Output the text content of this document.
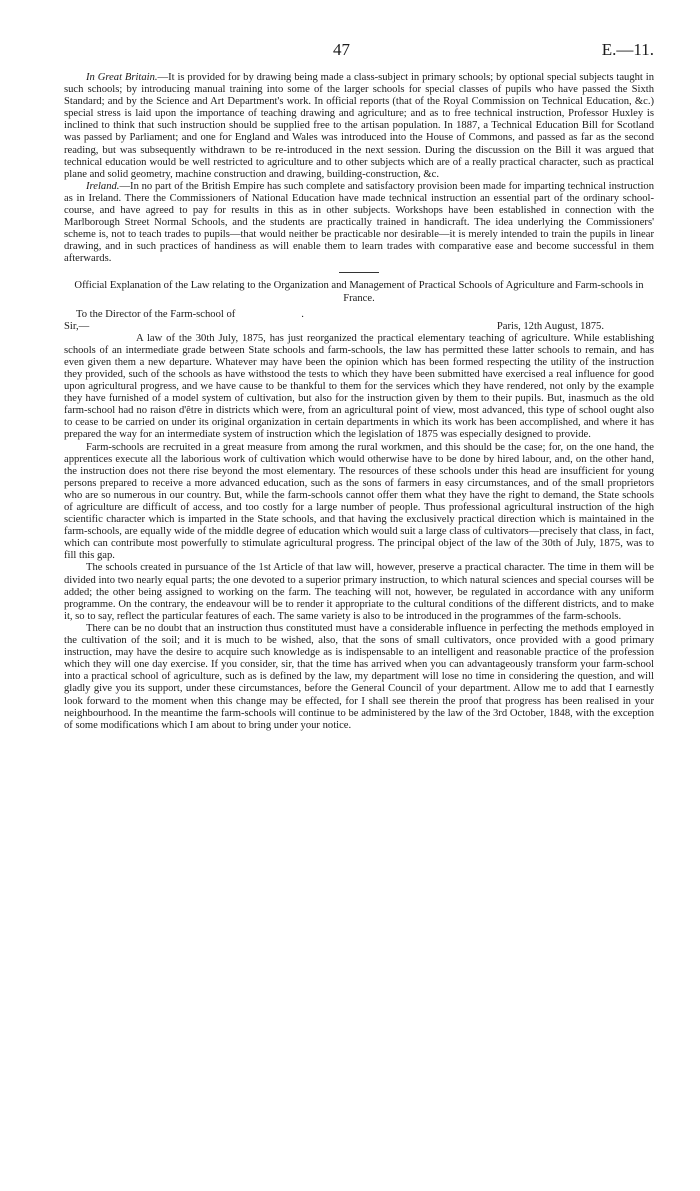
47	E.—11.

In Great Britain.—It is provided for by drawing being made a class-subject in primary schools; by optional special subjects taught in such schools; by introducing manual training into some of the larger schools for special classes of pupils who have passed the Sixth Standard; and by the Science and Art Department's work. In official reports (that of the Royal Commission on Technical Education, &c.) special stress is laid upon the importance of teaching drawing and agriculture; and as to free technical instruction, Professor Huxley is inclined to think that such instruction should be supplied free to the artisan population. In 1887, a Technical Education Bill for Scotland was passed by Parliament; and one for England and Wales was introduced into the House of Commons, and passed as far as the second reading, but was subsequently withdrawn to be re-introduced in the next session. During the discussion on the Bill it was argued that technical education would be well restricted to agriculture and to other subjects which are of a really practical character, such as practical plane and solid geometry, machine construction and drawing, building-construction, &c.

Ireland.—In no part of the British Empire has such complete and satisfactory provision been made for imparting technical instruction as in Ireland. There the Commissioners of National Education have made technical instruction an essential part of the ordinary school-course, and have agreed to pay for results in this as in other subjects. Workshops have been established in connection with the Marlborough Street Normal Schools, and the students are practically trained in handicraft. The idea underlying the Commissioners' scheme is, not to teach trades to pupils—that would neither be practicable nor desirable—it is merely intended to train the pupils in linear drawing, and in such practices of handiness as will enable them to learn trades with comparative ease and become successful in them afterwards.

Official Explanation of the Law relating to the Organization and Management of Practical Schools of Agriculture and Farm-schools in France.

To the Director of the Farm-school of	.

Sir,—	Paris, 12th August, 1875.

A law of the 30th July, 1875, has just reorganized the practical elementary teaching of agriculture. While establishing schools of an intermediate grade between State schools and farm-schools, the law has permitted these latter schools to remain, and has even given them a new departure. Whatever may have been the opinion which has been formed respecting the utility of the instruction they provided, such of the schools as have withstood the tests to which they have been submitted have exercised a real influence for good upon agricultural progress, and we have cause to be thankful to them for the services which they have rendered, not only by the example they have furnished of a model system of cultivation, but also for the instruction given by them to their pupils. But, inasmuch as the old farm-school had no raison d'être in districts which were, from an agricultural point of view, most advanced, this type of school ought also to cease to be carried on under its original organization in certain departments in which its work has been accomplished, and where it has prepared the way for an intermediate system of instruction which the legislation of 1875 was especially designed to provide.

Farm-schools are recruited in a great measure from among the rural workmen, and this should be the case; for, on the one hand, the apprentices execute all the laborious work of cultivation which would otherwise have to be done by hired labour, and, on the other hand, the instruction does not there rise beyond the most elementary. The resources of these schools under this head are insufficient for young persons prepared to receive a more advanced education, such as the sons of farmers in easy circumstances, and of the small proprietors who are so numerous in our country. But, while the farm-schools cannot offer them what they have the right to demand, the State schools of agriculture are difficult of access, and too costly for a large number of people. Thus professional agricultural instruction of the high scientific character which is imparted in the State schools, and that having the exclusively practical direction which is maintained in the farm-schools, are equally wide of the middle degree of education which would suit a large class of cultivators—precisely that class, in fact, which can contribute most powerfully to stimulate agricultural progress. The principal object of the law of the 30th of July, 1875, was to fill this gap.

The schools created in pursuance of the 1st Article of that law will, however, preserve a practical character. The time in them will be divided into two nearly equal parts; the one devoted to a superior primary instruction, to which natural sciences and special courses will be added; the other being assigned to working on the farm. The teaching will not, however, be regulated in accordance with any uniform programme. On the contrary, the endeavour will be to render it appropriate to the cultural conditions of the different districts, and to make it, so to say, reflect the particular features of each. The same variety is also to be introduced in the programmes of the farm-schools.

There can be no doubt that an instruction thus constituted must have a considerable influence in perfecting the methods employed in the cultivation of the soil; and it is much to be wished, also, that the sons of small cultivators, once provided with a good primary instruction, may have the desire to acquire such knowledge as is indispensable to an intelligent and reasonable practice of the profession which they will one day exercise. If you consider, sir, that the time has arrived when you can advantageously transform your farm-school into a practical school of agriculture, such as is defined by the law, my department will lose no time in considering the question, and will gladly give you its support, under these circumstances, before the General Council of your department. Allow me to add that I earnestly look forward to the moment when this change may be effected, for I shall see therein the proof that progress has been realised in your neighbourhood. In the meantime the farm-schools will continue to be administered by the law of the 3rd October, 1848, with the exception of some modifications which I am about to bring under your notice.
